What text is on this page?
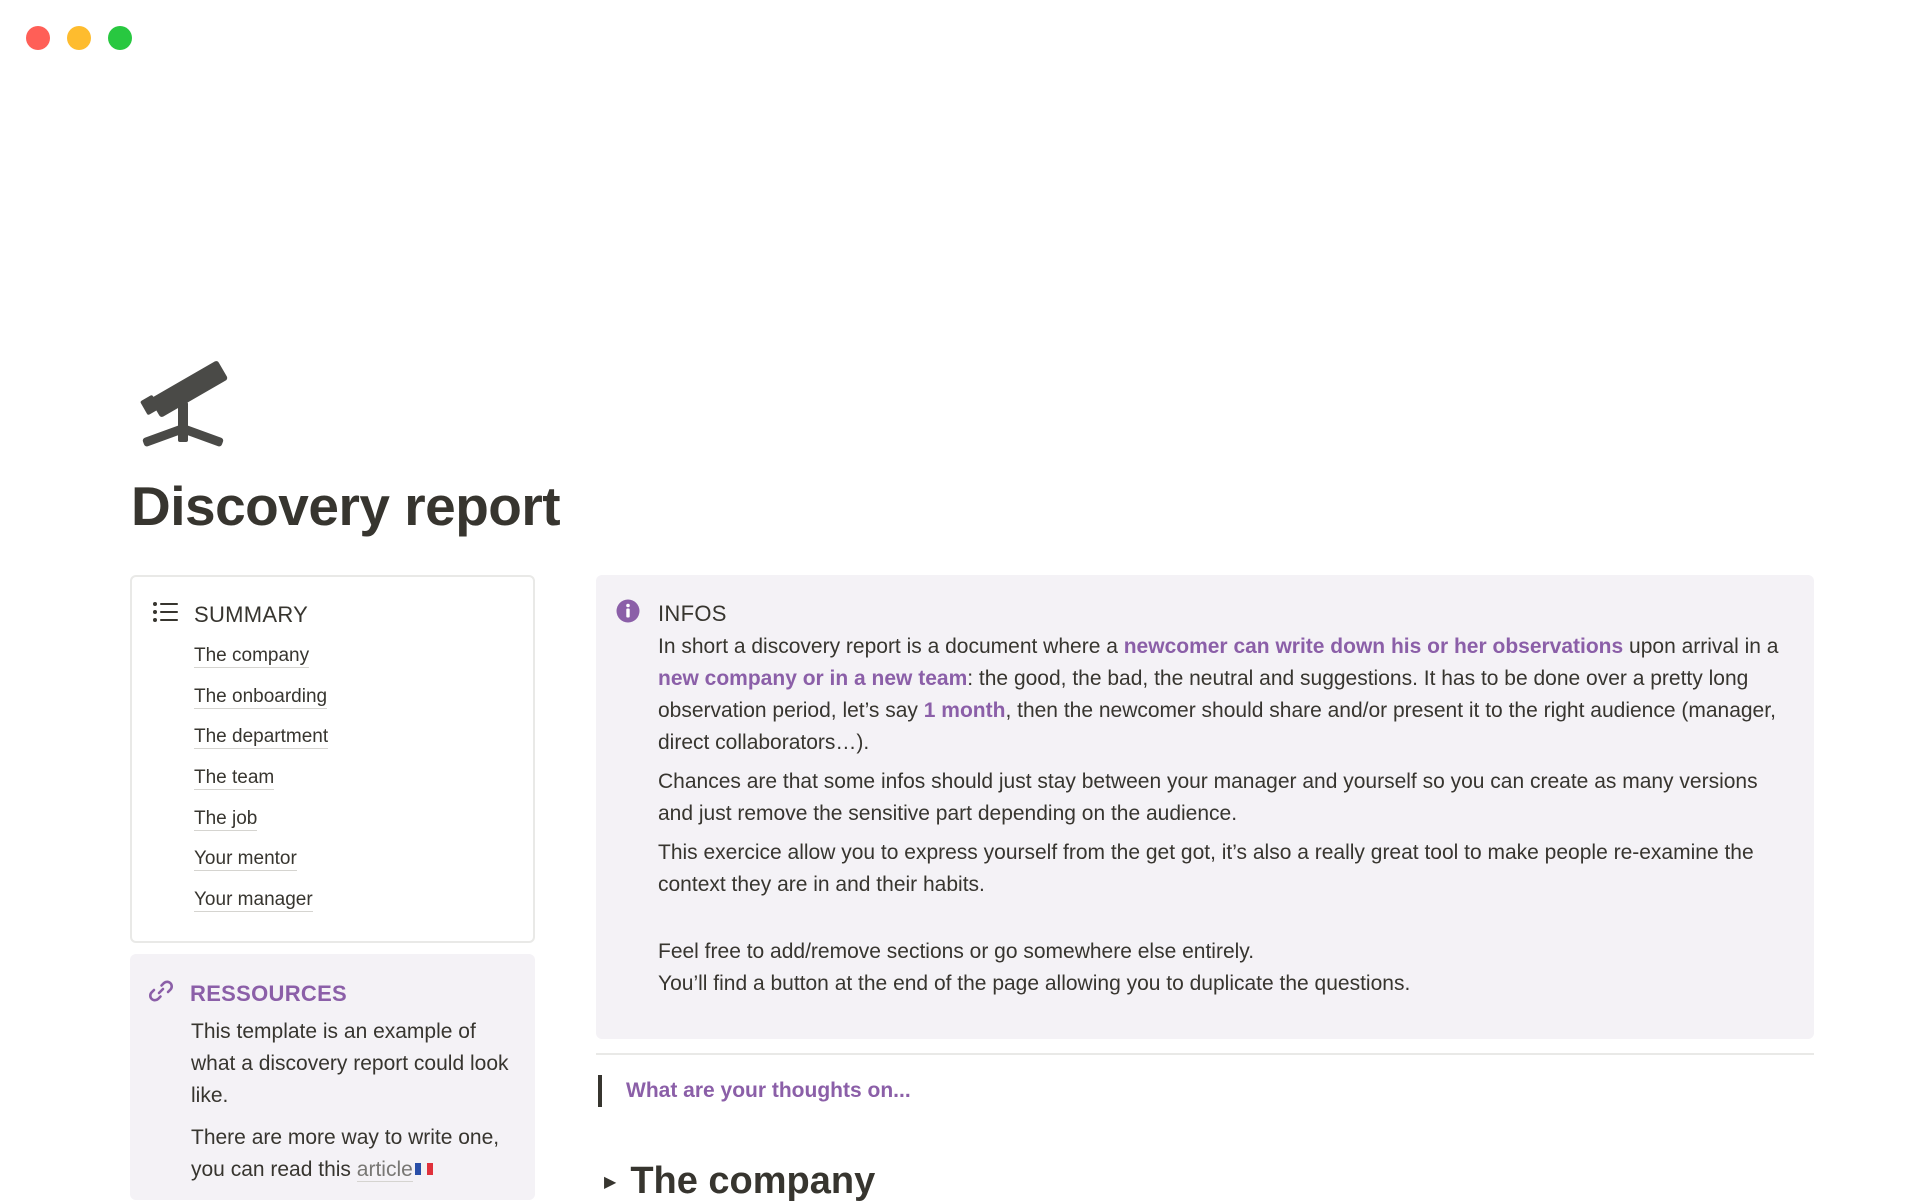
Discovery report
SUMMARY
The company
The onboarding
The department
The team
The job
Your mentor
Your manager
RESSOURCES

This template is an example of what a discovery report could look like.

There are more way to write one, you can read this article

INFOS

In short a discovery report is a document where a newcomer can write down his or her observations upon arrival in a new company or in a new team: the good, the bad, the neutral and suggestions. It has to be done over a pretty long observation period, let’s say 1 month, then the newcomer should share and/or present it to the right audience (manager, direct collaborators…).

Chances are that some infos should just stay between your manager and yourself so you can create as many versions and just remove the sensitive part depending on the audience.

This exercice allow you to express yourself from the get got, it’s also a really great tool to make people re-examine the context they are in and their habits.

Feel free to add/remove sections or go somewhere else entirely.
You’ll find a button at the end of the page allowing you to duplicate the questions.

What are your thoughts on...
▶ The company
